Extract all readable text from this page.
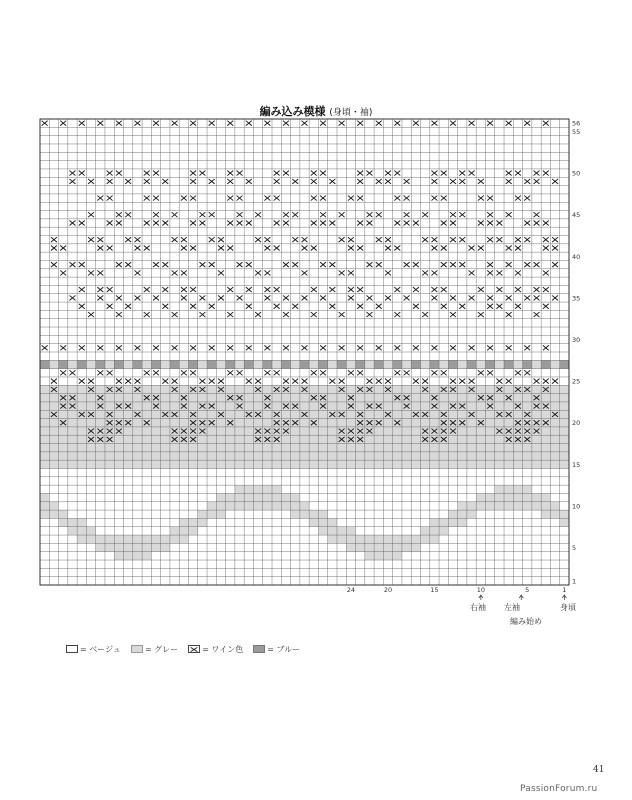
編み込み模様 (身頃・袖)
1
5
10
15
20
25
30
35
40
45
50
55
56
1
5
10
15
20
24
= ベージュ	= グレー	= ワイン色	= ブルー
右袖 左袖	身頃
編み始め
41
PassionForum.ru
